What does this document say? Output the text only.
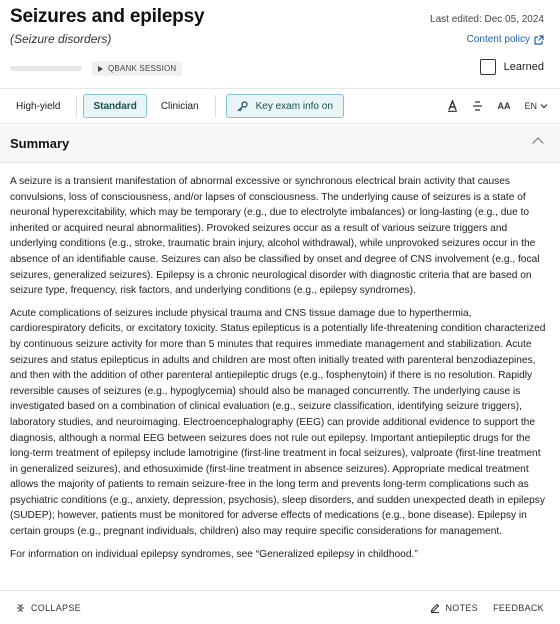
Seizures and epilepsy
(Seizure disorders)
Last edited: Dec 05, 2024
Content policy
QBANK SESSION	Learned
High-yield	Standard	Clinician	Key exam info on	AA EN
Summary

A seizure is a transient manifestation of abnormal excessive or synchronous electrical brain activity that causes convulsions, loss of consciousness, and/or lapses of consciousness. The underlying cause of seizures is a state of neuronal hyperexcitability, which may be temporary (e.g., due to electrolyte imbalances) or long-lasting (e.g., due to inherited or acquired neural abnormalities). Provoked seizures occur as a result of various seizure triggers and underlying conditions (e.g., stroke, traumatic brain injury, alcohol withdrawal), while unprovoked seizures occur in the absence of an identifiable cause. Seizures can also be classified by onset and degree of CNS involvement (e.g., focal seizures, generalized seizures). Epilepsy is a chronic neurological disorder with diagnostic criteria that are based on seizure type, frequency, risk factors, and underlying conditions (e.g., epilepsy syndromes).

Acute complications of seizures include physical trauma and CNS tissue damage due to hyperthermia, cardiorespiratory deficits, or excitatory toxicity. Status epilepticus is a potentially life-threatening condition characterized by continuous seizure activity for more than 5 minutes that requires immediate management and stabilization. Acute seizures and status epilepticus in adults and children are most often initially treated with parenteral benzodiazepines, and then with the addition of other parenteral antiepileptic drugs (e.g., fosphenytoin) if there is no resolution. Rapidly reversible causes of seizures (e.g., hypoglycemia) should also be managed concurrently. The underlying cause is investigated based on a combination of clinical evaluation (e.g., seizure classification, identifying seizure triggers), laboratory studies, and neuroimaging. Electroencephalography (EEG) can provide additional evidence to support the diagnosis, although a normal EEG between seizures does not rule out epilepsy. Important antiepileptic drugs for the long-term treatment of epilepsy include lamotrigine (first-line treatment in focal seizures), valproate (first-line treatment in generalized seizures), and ethosuximide (first-line treatment in absence seizures). Appropriate medical treatment allows the majority of patients to remain seizure-free in the long term and prevents long-term complications such as psychiatric conditions (e.g., anxiety, depression, psychosis), sleep disorders, and sudden unexpected death in epilepsy (SUDEP); however, patients must be monitored for adverse effects of medications (e.g., bone disease). Epilepsy in certain groups (e.g., pregnant individuals, children) also may require specific considerations for management.

For information on individual epilepsy syndromes, see “Generalized epilepsy in childhood.”

COLLAPSE	NOTES FEEDBACK
